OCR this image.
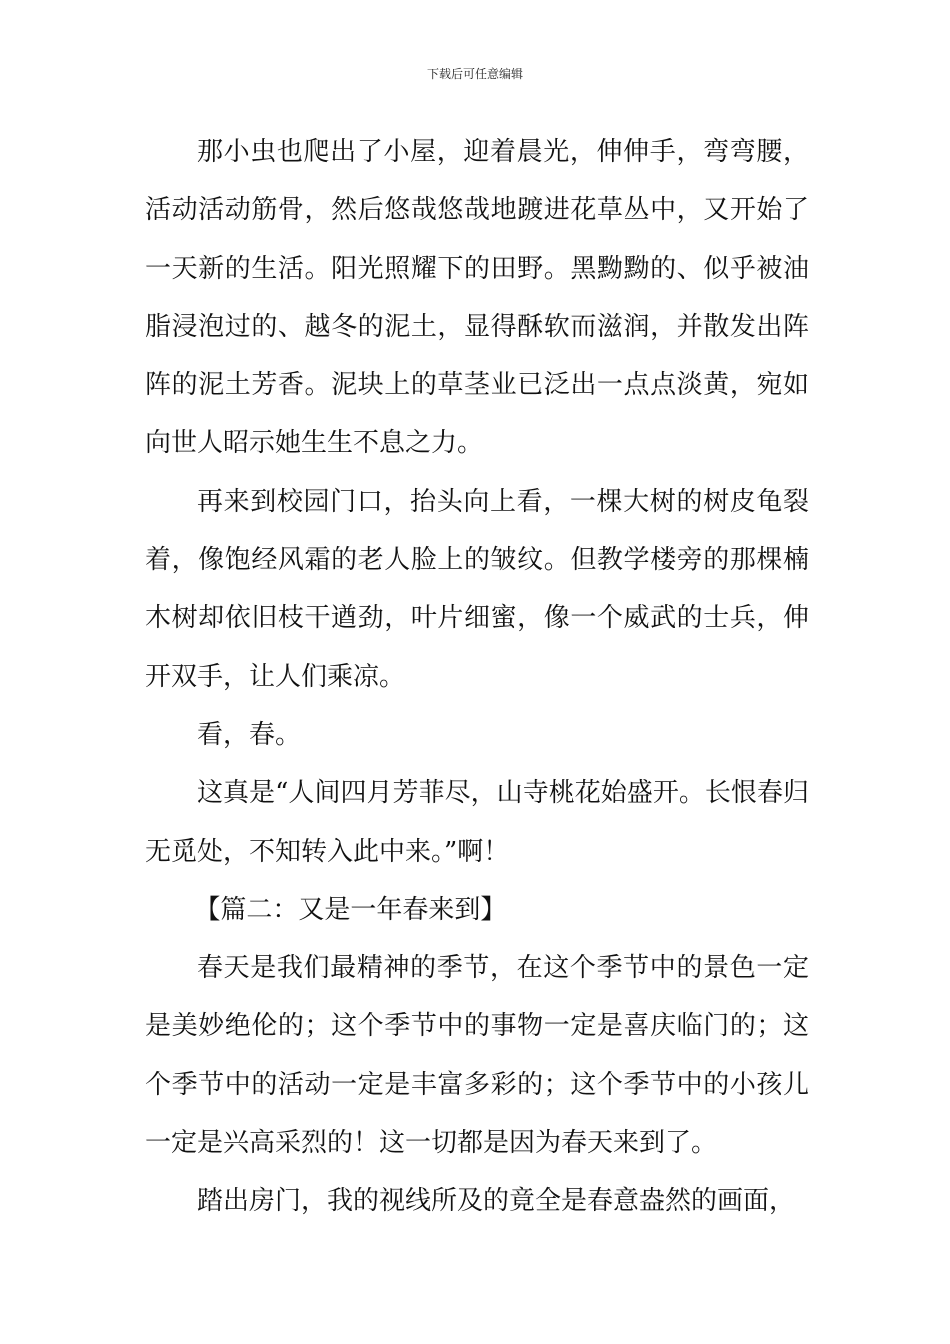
下载后可任意编辑

那小虫也爬出了小屋，迎着晨光，伸伸手，弯弯腰，活动活动筋骨，然后悠哉悠哉地踱进花草丛中，又开始了一天新的生活。阳光照耀下的田野。黑黝黝的、似乎被油脂浸泡过的、越冬的泥土，显得酥软而滋润，并散发出阵阵的泥土芳香。泥块上的草茎业已泛出一点点淡黄，宛如向世人昭示她生生不息之力。

再来到校园门口，抬头向上看，一棵大树的树皮龟裂着，像饱经风霜的老人脸上的皱纹。但教学楼旁的那棵楠木树却依旧枝干遒劲，叶片细蜜，像一个威武的士兵，伸开双手，让人们乘凉。

看，春。

这真是“人间四月芳菲尽，山寺桃花始盛开。长恨春归无觅处，不知转入此中来。”啊！

【篇二：又是一年春来到】

春天是我们最精神的季节，在这个季节中的景色一定是美妙绝伦的；这个季节中的事物一定是喜庆临门的；这个季节中的活动一定是丰富多彩的；这个季节中的小孩儿一定是兴高采烈的！这一切都是因为春天来到了。

踏出房门，我的视线所及的竟全是春意盎然的画面，
